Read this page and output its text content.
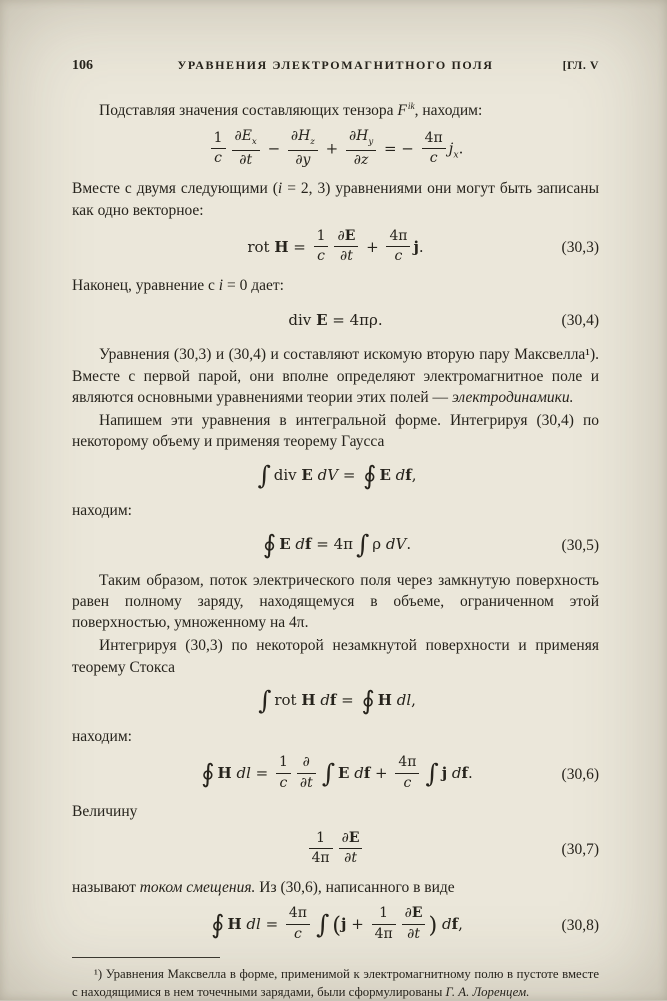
106	УРАВНЕНИЯ ЭЛЕКТРОМАГНИТНОГО ПОЛЯ	[ГЛ. V

Подставляя значения составляющих тензора $F^{ik}$, находим:

$\frac{1}{c} \frac{\partial E_x}{\partial t} - \frac{\partial H_z}{\partial y} + \frac{\partial H_y}{\partial z}$ = − $\frac{4\pi}{c} j_x$.

Вместе с двумя следующими (i = 2, 3) уравнениями они могут быть записаны как одно векторное:

rot $H = \frac{1}{c} \frac{\partial E}{\partial t} + \frac{4\pi}{c} j$.	(30,3)

Наконец, уравнение с i = 0 дает:

div E = 4πρ.	(30,4)

Уравнения (30,3) и (30,4) и составляют искомую вторую пару Максвелла¹). Вместе с первой парой, они вполне определяют электромагнитное поле и являются основными уравнениями теории этих полей — электродинамики.

Напишем эти уравнения в интегральной форме. Интегрируя (30,4) по некоторому объему и применяя теорему Гаусса

∫ div E dV = ∮ E df,

находим:

∮ E df = 4π ∫ ρ dV.	(30,5)

Таким образом, поток электрического поля через замкнутую поверхность равен полному заряду, находящемуся в объеме, ограниченном этой поверхностью, умноженному на 4π.

Интегрируя (30,3) по некоторой незамкнутой поверхности и применяя теорему Стокса

∫ rot H df = ∮ H dl,

находим:

∮ H dl = $\frac{1}{c}$ ∂
∂t ∫ E df + $\frac{4\pi}{c}$ ∫ j df.	(30,6)

Величину

$\frac{1}{4\pi} \frac{\partial E}{\partial t}$	(30,7)

называют током смещения. Из (30,6), написанного в виде

∮ H dl = $\frac{4\pi}{c}$ ∫ ($j + \frac{1}{4\pi} \frac{\partial E}{\partial t}$ ) df,	(30,8)
¹) Уравнения Максвелла в форме, применимой к электромагнитному полю в пустоте вместе с находящимися в нем точечными зарядами, были сформулированы Г. А. Лоренцем.
